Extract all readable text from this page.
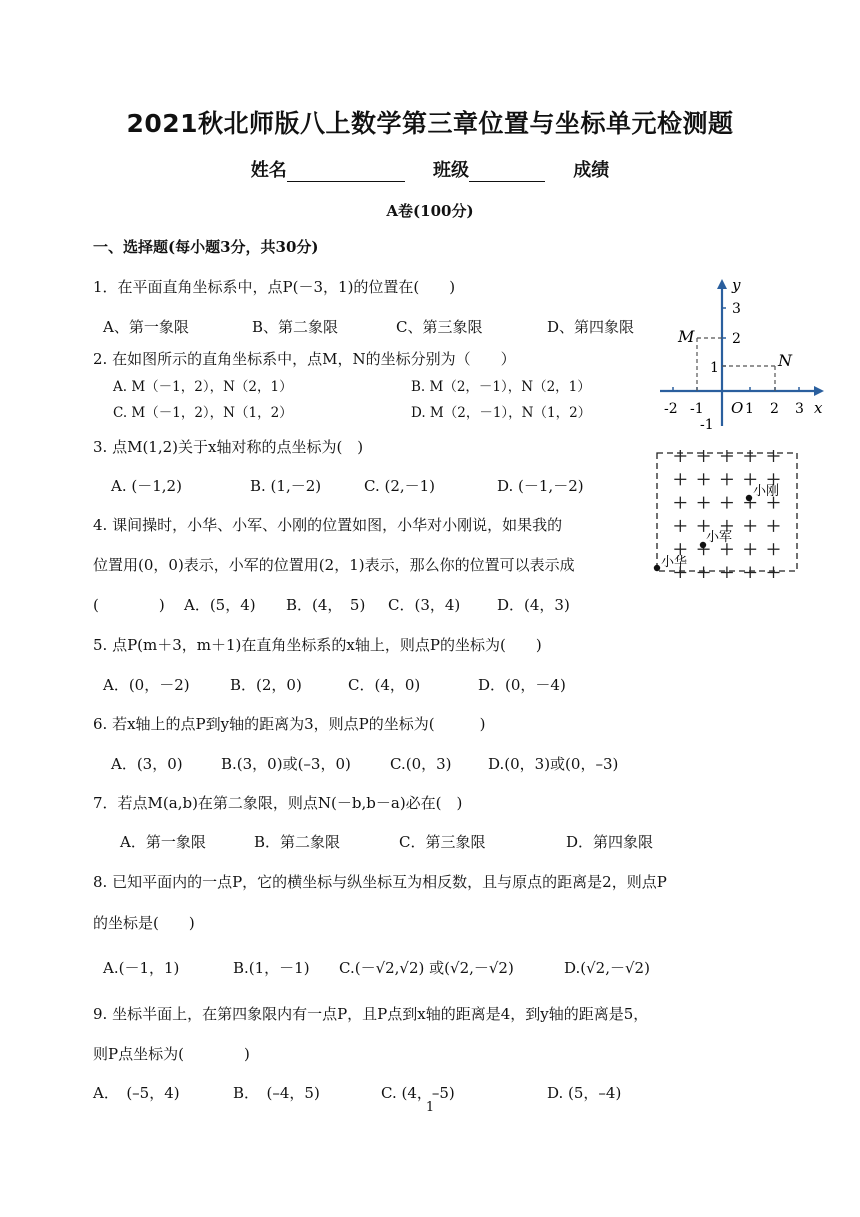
2021秋北师版八上数学第三章位置与坐标单元检测题
姓名	班级	成绩
A卷(100分)
一、选择题(每小题3分，共30分)
1．在平面直角坐标系中，点P(－3，1)的位置在(　　)
A、第一象限	B、第二象限	C、第三象限	D、第四象限
2. 在如图所示的直角坐标系中，点M，N的坐标分别为（　　）
A. M（－1，2），N（2，1）	B. M（2，－1），N（2，1）
C. M（－1，2），N（1，2）	D. M（2，－1），N（1，2）
3. 点M(1,2)关于x轴对称的点坐标为(　)
A. (－1,2)	B. (1,－2)	C. (2,－1)	D. (－1,－2)
4. 课间操时，小华、小军、小刚的位置如图，小华对小刚说，如果我的
位置用(0，0)表示，小军的位置用(2，1)表示，那么你的位置可以表示成
(　　　　) A．(5，4) B．(4，　5) C．(3，4) D．(4，3)
5. 点P(m＋3，m＋1)在直角坐标系的x轴上，则点P的坐标为(　　)
A．(0，－2)	B．(2，0)	C．(4，0)	D．(0，－4)
6. 若x轴上的点P到y轴的距离为3，则点P的坐标为(　　　)
A．(3，0)	B.(3，0)或(–3，0)	C.(0，3) D.(0，3)或(0，–3)
7．若点M(a,b)在第二象限，则点N(－b,b－a)必在(　)
A．第一象限	B．第二象限	C．第三象限	D．第四象限
8. 已知平面内的一点P，它的横坐标与纵坐标互为相反数，且与原点的距离是2，则点P
的坐标是(　　)
A.(－1，1)	B.(1，－1) C.(－√2,√2) 或(√2,－√2)	D.(√2,－√2)
9. 坐标半面上，在第四象限内有一点P，且P点到x轴的距离是4，到y轴的距离是5，
则P点坐标为(　　　　)
A．　(–5，4)	B．　(–4，5)	C. (4，–5)	D. (5，–4)
1
y
x
3
2
1
-1
-2 -1 O 1 2 3
M
N
小刚
小军
小华
